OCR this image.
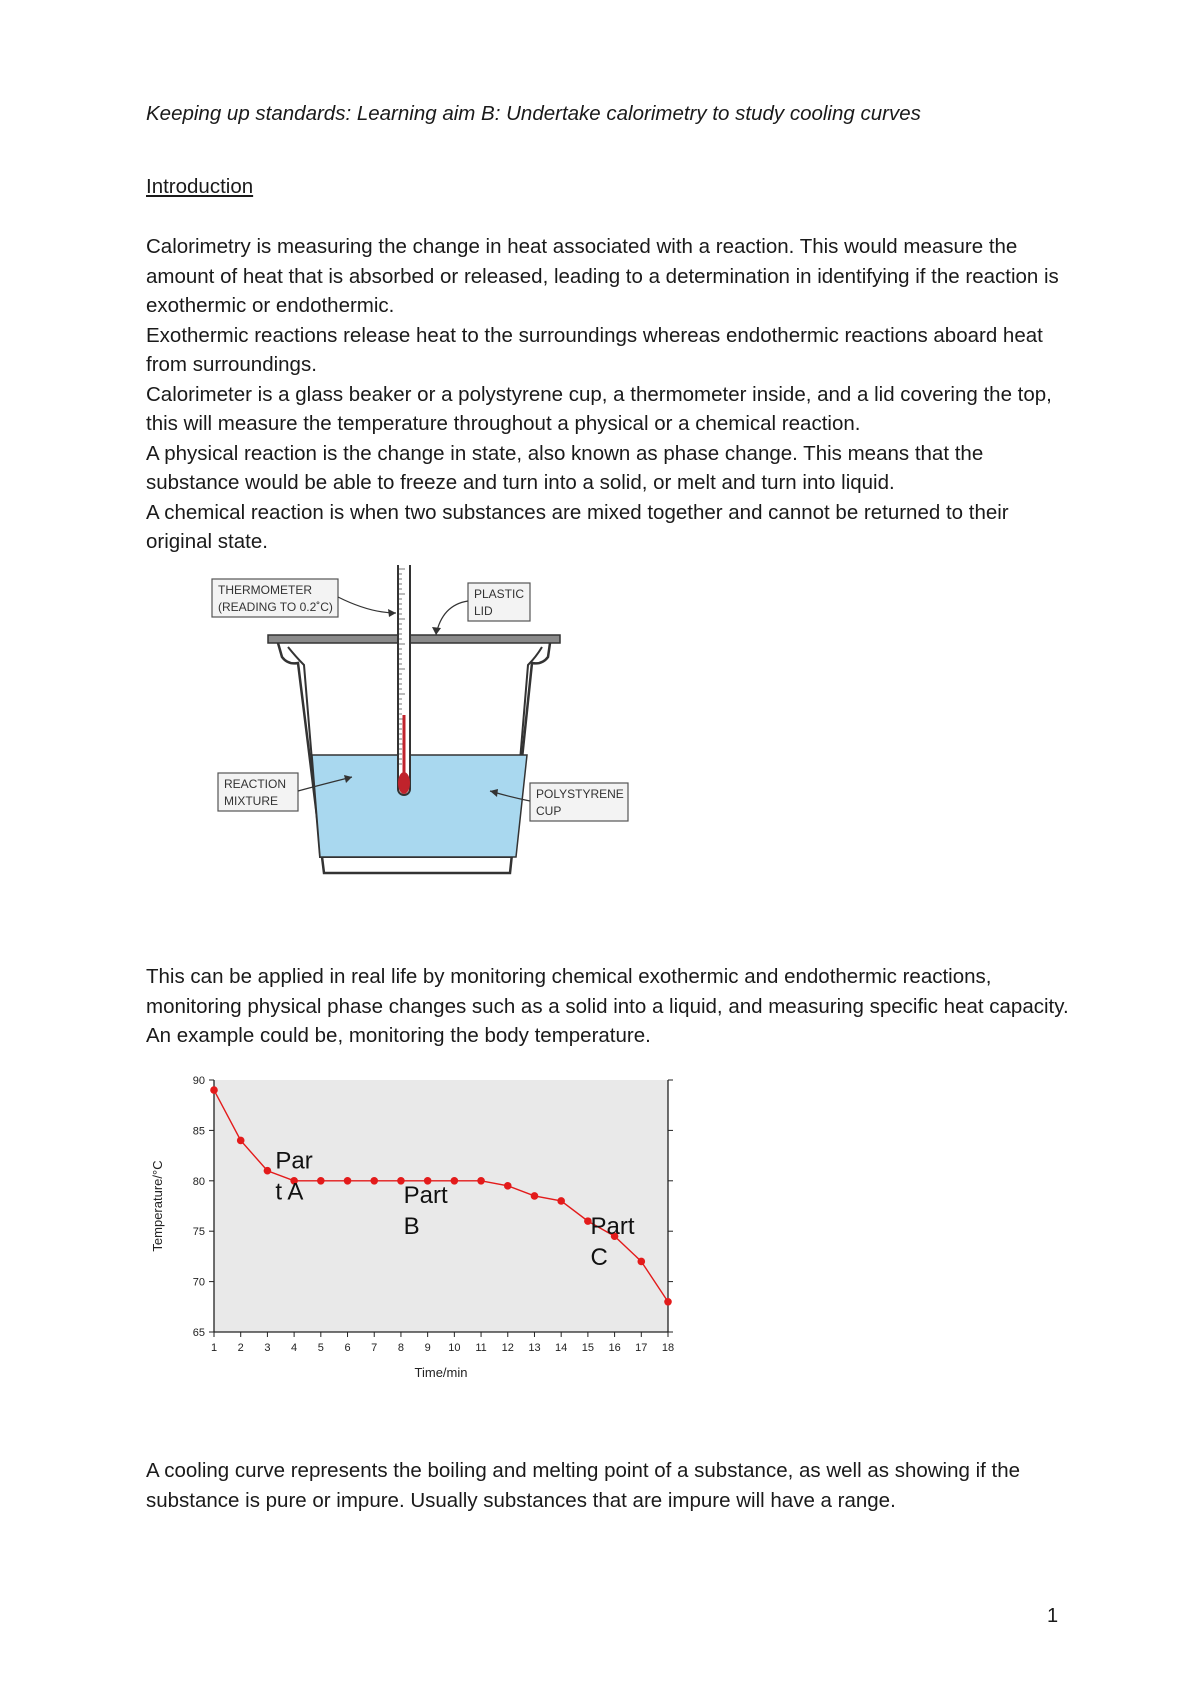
Keeping up standards: Learning aim B: Undertake calorimetry to study cooling curves
Introduction

Calorimetry is measuring the change in heat associated with a reaction. This would measure the amount of heat that is absorbed or released, leading to a determination in identifying if the reaction is exothermic or endothermic.

Exothermic reactions release heat to the surroundings whereas endothermic reactions aboard heat from surroundings.

Calorimeter is a glass beaker or a polystyrene cup, a thermometer inside, and a lid covering the top, this will measure the temperature throughout a physical or a chemical reaction.

A physical reaction is the change in state, also known as phase change. This means that the substance would be able to freeze and turn into a solid, or melt and turn into liquid.

A chemical reaction is when two substances are mixed together and cannot be returned to their original state.

THERMOMETER
(READING TO 0.2˚C)
PLASTIC
LID
REACTION
MIXTURE	POLYSTYRENE
CUP

This can be applied in real life by monitoring chemical exothermic and endothermic reactions, monitoring physical phase changes such as a solid into a liquid, and measuring specific heat capacity. An example could be, monitoring the body temperature.

65
70
75
80
85
90
1 2 3 4 5 6 7 8 9 10 11 12 13 14 15 16 17 18
Par
t A	Part
B	Part
C
Temperature/°C
Time/min

A cooling curve represents the boiling and melting point of a substance, as well as showing if the substance is pure or impure. Usually substances that are impure will have a range.

1
